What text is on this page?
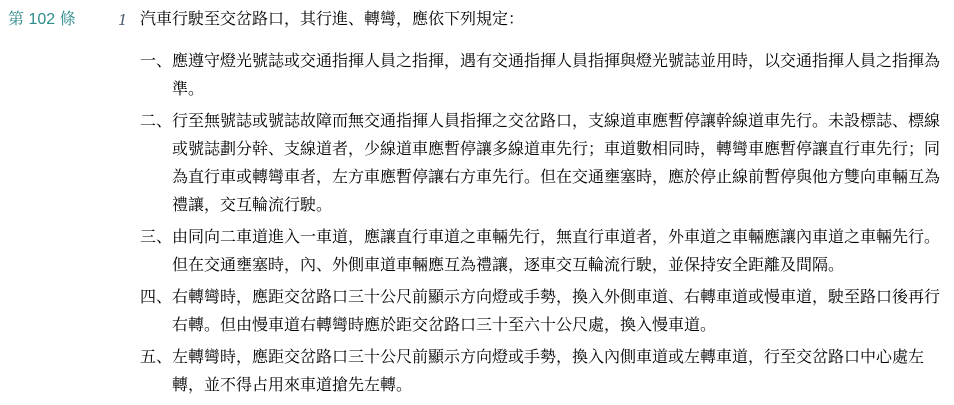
第 102 條	1 汽車行駛至交岔路口，其行進、轉彎，應依下列規定：
一、 應遵守燈光號誌或交通指揮人員之指揮，遇有交通指揮人員指揮與燈光號誌並用時，以交通指揮人員之指揮為準。
二、 行至無號誌或號誌故障而無交通指揮人員指揮之交岔路口，支線道車應暫停讓幹線道車先行。未設標誌、標線或號誌劃分幹、支線道者，少線道車應暫停讓多線道車先行；車道數相同時，轉彎車應暫停讓直行車先行；同為直行車或轉彎車者，左方車應暫停讓右方車先行。但在交通壅塞時，應於停止線前暫停與他方雙向車輛互為禮讓，交互輪流行駛。
三、 由同向二車道進入一車道，應讓直行車道之車輛先行，無直行車道者，外車道之車輛應讓內車道之車輛先行。但在交通壅塞時，內、外側車道車輛應互為禮讓，逐車交互輪流行駛，並保持安全距離及間隔。
四、 右轉彎時，應距交岔路口三十公尺前顯示方向燈或手勢，換入外側車道、右轉車道或慢車道，駛至路口後再行右轉。但由慢車道右轉彎時應於距交岔路口三十至六十公尺處，換入慢車道。
五、 左轉彎時，應距交岔路口三十公尺前顯示方向燈或手勢，換入內側車道或左轉車道，行至交岔路口中心處左轉，並不得占用來車道搶先左轉。
